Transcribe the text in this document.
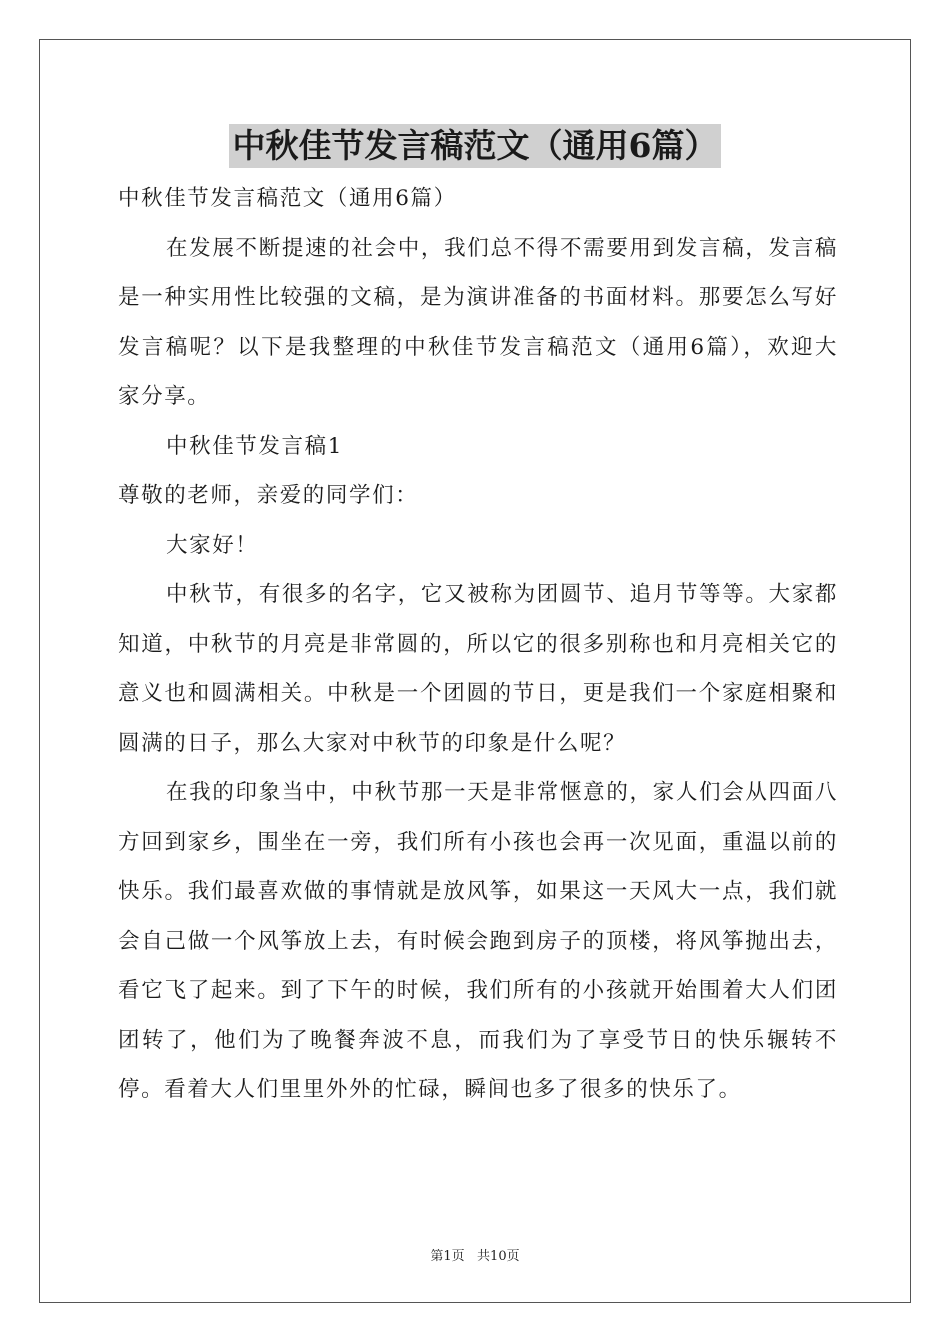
中秋佳节发言稿范文（通用6篇）

中秋佳节发言稿范文（通用6篇）

在发展不断提速的社会中，我们总不得不需要用到发言稿，发言稿是一种实用性比较强的文稿，是为演讲准备的书面材料。那要怎么写好发言稿呢？以下是我整理的中秋佳节发言稿范文（通用6篇），欢迎大家分享。

中秋佳节发言稿1

尊敬的老师，亲爱的同学们：

大家好！

中秋节，有很多的名字，它又被称为团圆节、追月节等等。大家都知道，中秋节的月亮是非常圆的，所以它的很多别称也和月亮相关它的意义也和圆满相关。中秋是一个团圆的节日，更是我们一个家庭相聚和圆满的日子，那么大家对中秋节的印象是什么呢？

在我的印象当中，中秋节那一天是非常惬意的，家人们会从四面八方回到家乡，围坐在一旁，我们所有小孩也会再一次见面，重温以前的快乐。我们最喜欢做的事情就是放风筝，如果这一天风大一点，我们就会自己做一个风筝放上去，有时候会跑到房子的顶楼，将风筝抛出去，看它飞了起来。到了下午的时候，我们所有的小孩就开始围着大人们团团转了，他们为了晚餐奔波不息，而我们为了享受节日的快乐辗转不停。看着大人们里里外外的忙碌，瞬间也多了很多的快乐了。

第1页   共10页
